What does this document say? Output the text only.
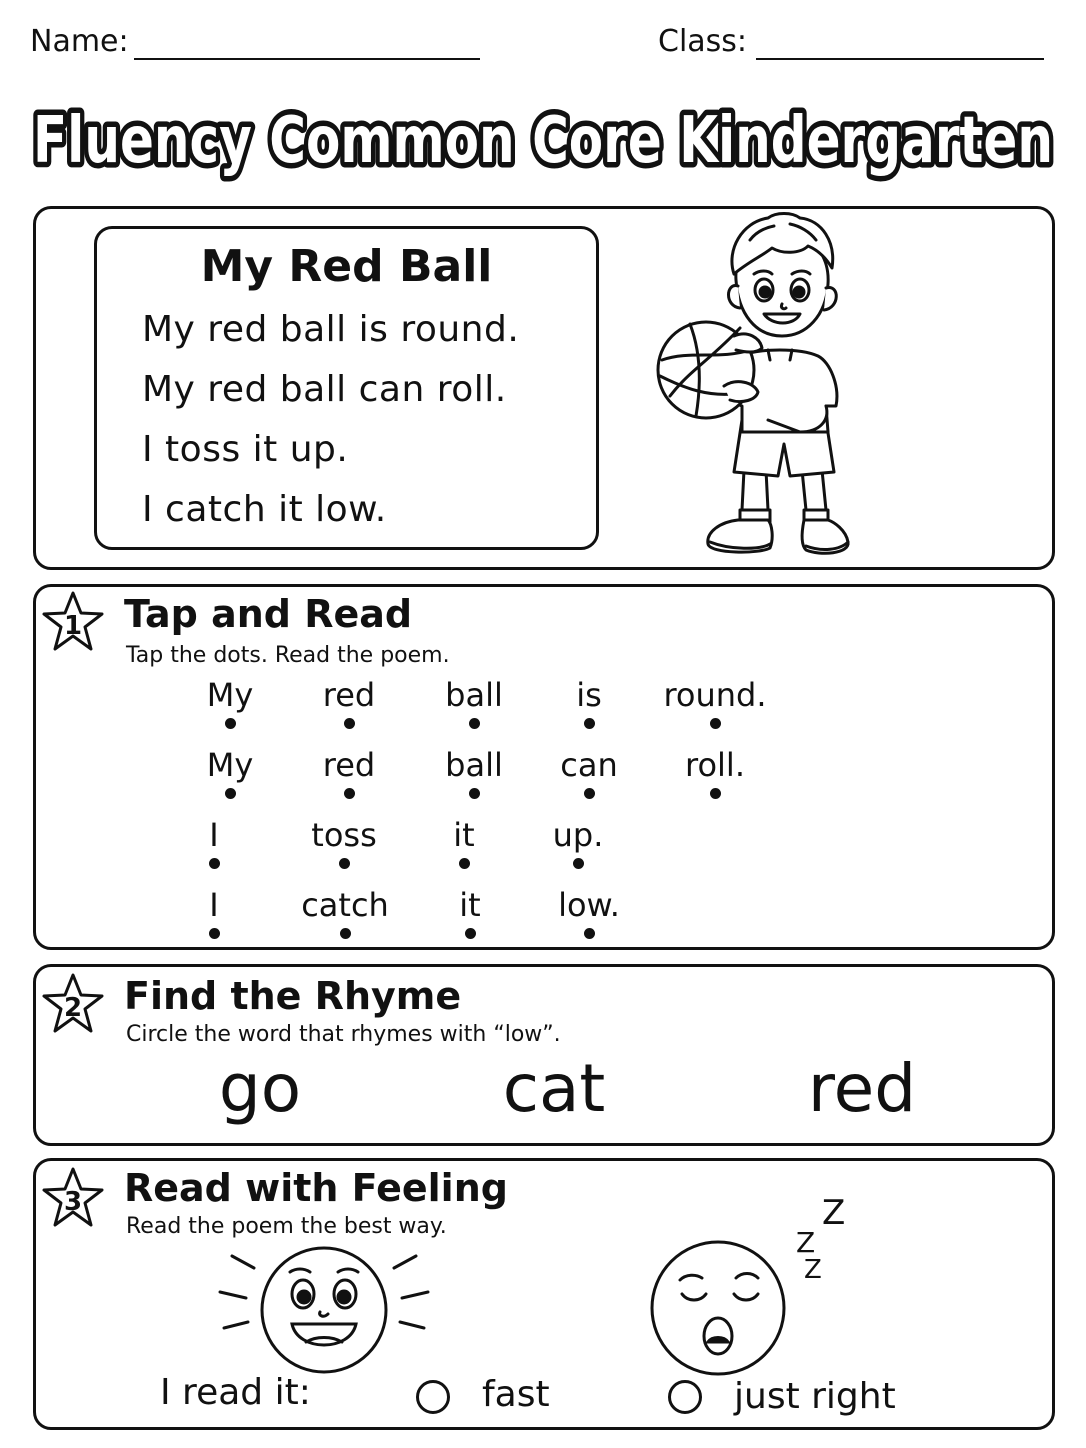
Name:	Class:
Fluency Common Core Kindergarten
My Red Ball
My red ball is round.
My red ball can roll.
I toss it up.
I catch it low.
1 Tap and Read
Tap the dots. Read the poem.
My	red	ball	is	round.
My	red	ball	can	roll.
I	toss	it	up.
I	catch	it	low.
2 Find the Rhyme
Circle the word that rhymes with “low”.
go	cat	red
3 Read with Feeling
Read the poem the best way.	Z
Z
Z
I read it:	fast	just right
